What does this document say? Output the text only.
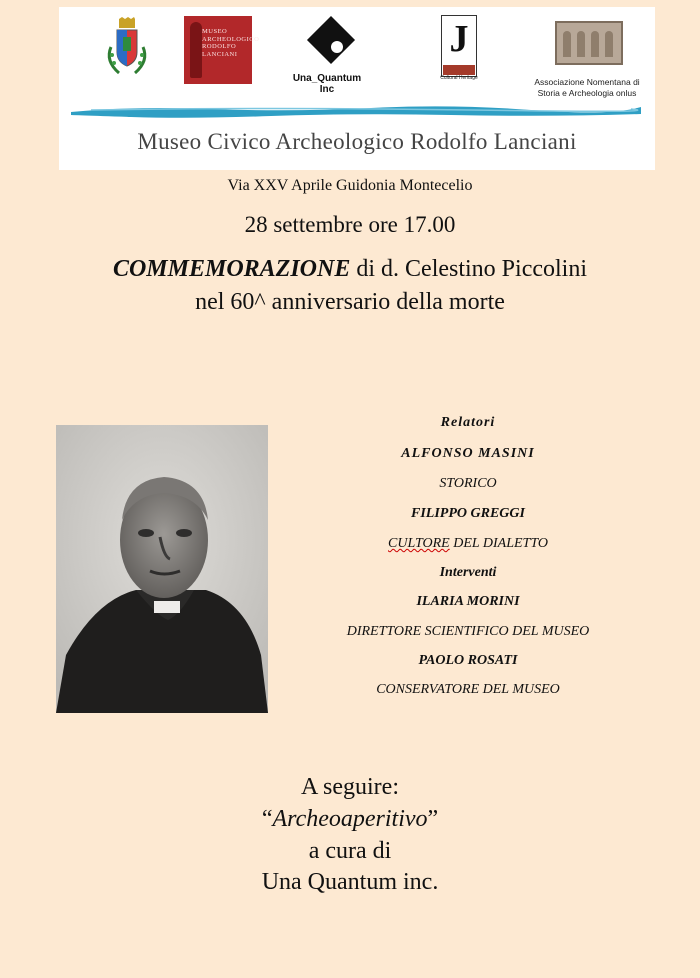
MUSEO ARCHEOLOGICO RODOLFO LANCIANI
Una_Quantum Inc
J
Cultural Heritage	Associazione Nomentana di
Storia e Archeologia onlus
Museo Civico Archeologico Rodolfo Lanciani
Via XXV Aprile Guidonia Montecelio
28 settembre ore 17.00
COMMEMORAZIONE di d. Celestino Piccolini
nel 60^ anniversario della morte
Relatori
ALFONSO MASINI
STORICO
FILIPPO GREGGI
CULTORE DEL DIALETTO
Interventi
ILARIA MORINI
DIRETTORE SCIENTIFICO DEL MUSEO
PAOLO ROSATI
CONSERVATORE DEL MUSEO
A seguire:
“Archeoaperitivo”
a cura di
Una Quantum inc.
